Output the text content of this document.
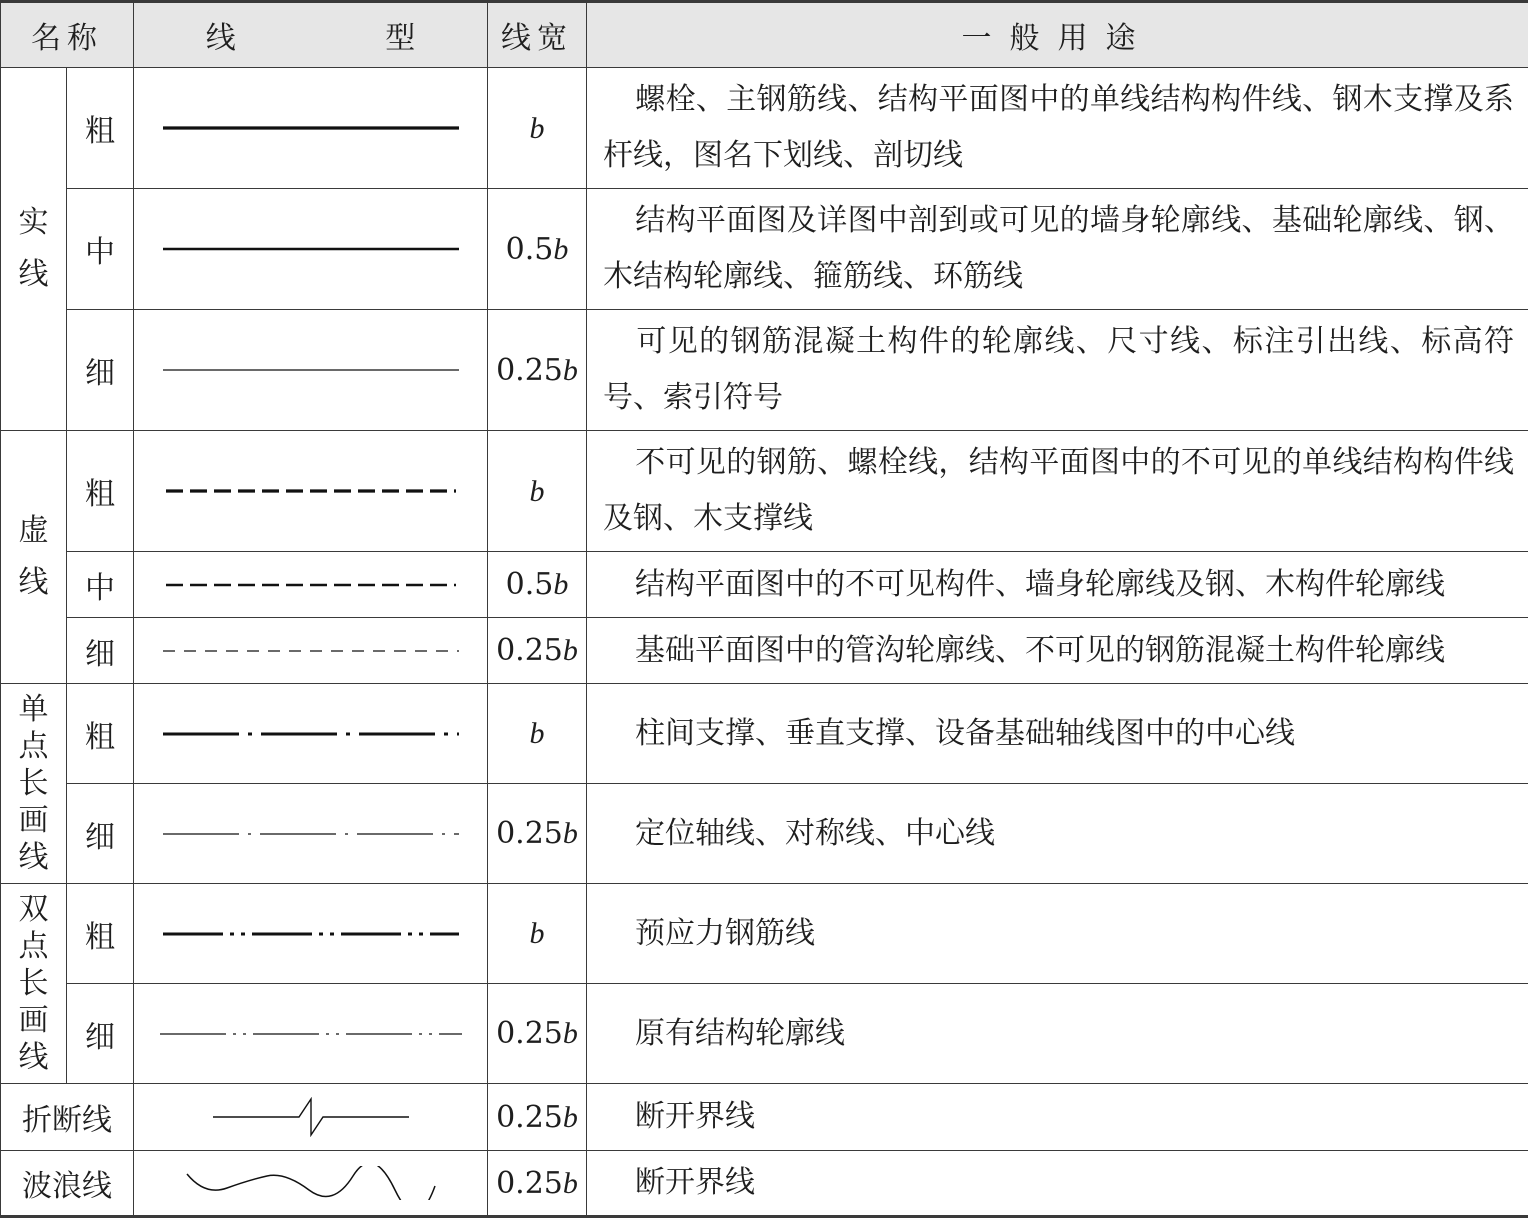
名称		线 型	线宽	一般用途
实线	粗		b	螺栓、主钢筋线、结构平面图中的单线结构构件线、钢木支撑及系杆线，图名下划线、剖切线
	中		0.5b	结构平面图及详图中剖到或可见的墙身轮廓线、基础轮廓线、钢、木结构轮廓线、箍筋线、环筋线
	细		0.25b	可见的钢筋混凝土构件的轮廓线、尺寸线、标注引出线、标高符号、索引符号
虚线	粗		b	不可见的钢筋、螺栓线，结构平面图中的不可见的单线结构构件线及钢、木支撑线
	中		0.5b	结构平面图中的不可见构件、墙身轮廓线及钢、木构件轮廓线
	细		0.25b	基础平面图中的管沟轮廓线、不可见的钢筋混凝土构件轮廓线
单点长画线	粗		b	柱间支撑、垂直支撑、设备基础轴线图中的中心线
	细		0.25b	定位轴线、对称线、中心线
双点长画线	粗		b	预应力钢筋线
	细		0.25b	原有结构轮廓线
折断线			0.25b	断开界线
波浪线			0.25b	断开界线
